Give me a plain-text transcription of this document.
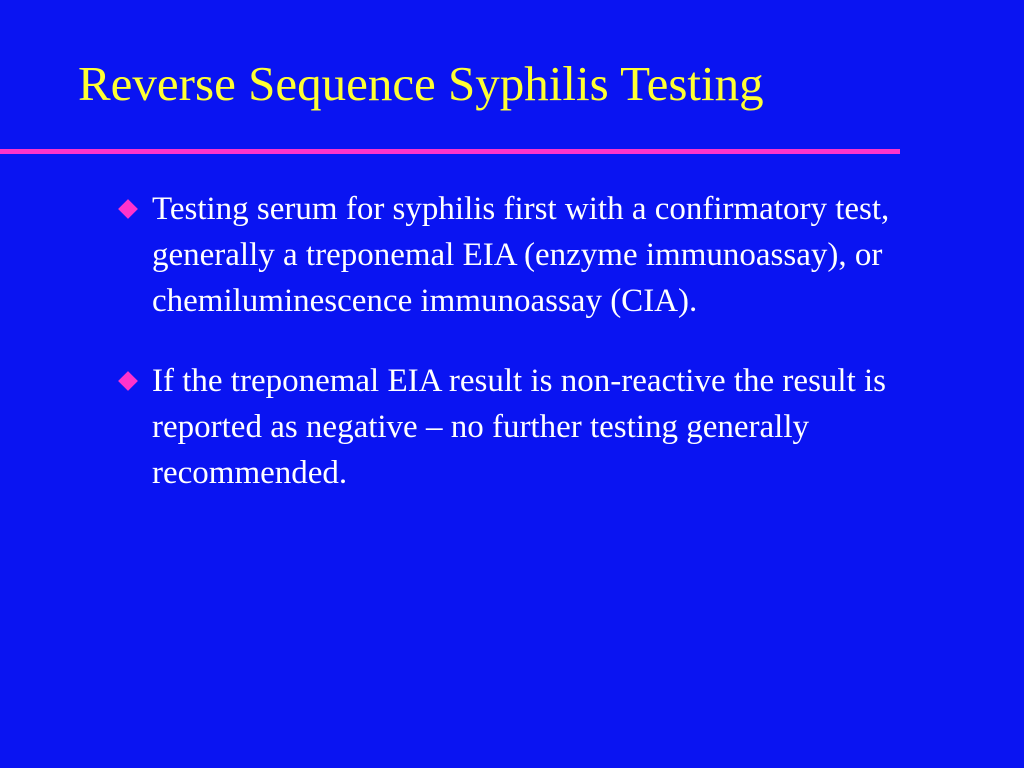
Reverse Sequence Syphilis Testing
Testing serum for syphilis first with a confirmatory test, generally a treponemal EIA (enzyme immunoassay), or chemiluminescence immunoassay (CIA).
If the treponemal EIA result is non-reactive the result is reported as negative – no further testing generally recommended.
